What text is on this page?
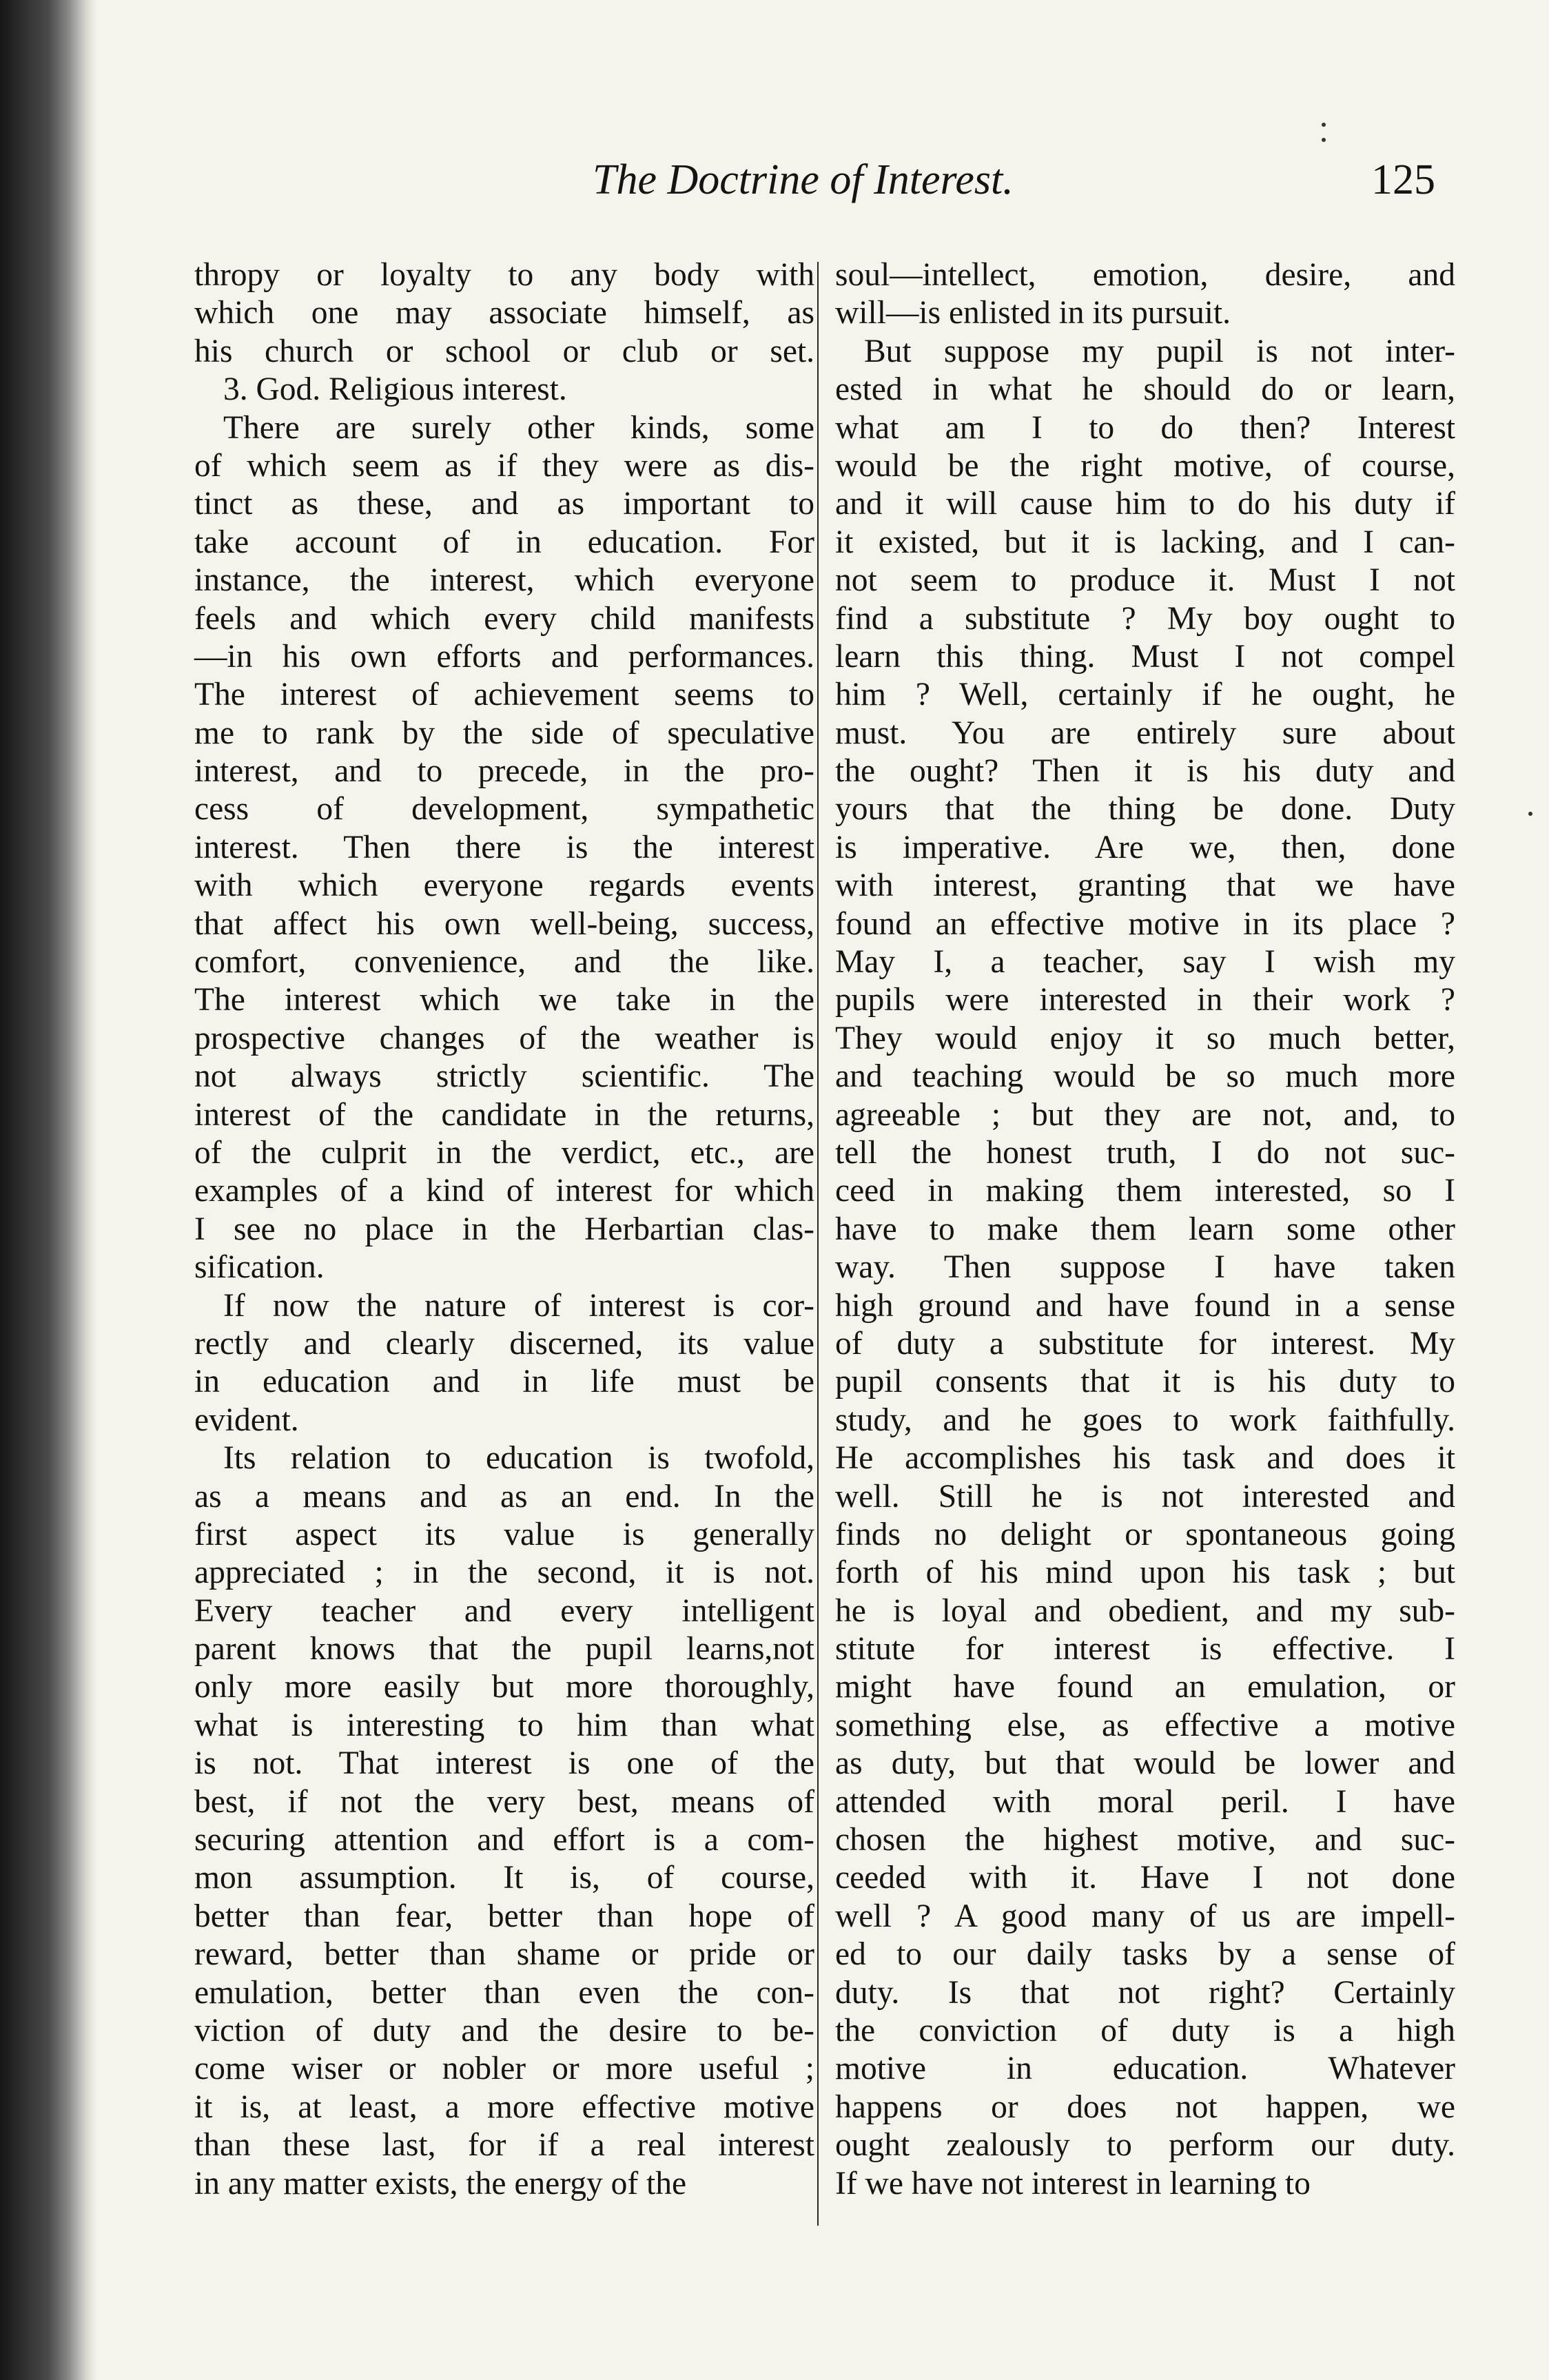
The Doctrine of Interest.	125
thropy or loyalty to any body with
which one may associate himself, as
his church or school or club or set.
3. God. Religious interest.
There are surely other kinds, some
of which seem as if they were as dis-
tinct as these, and as important to
take account of in education. For
instance, the interest, which everyone
feels and which every child manifests
—in his own efforts and performances.
The interest of achievement seems to
me to rank by the side of speculative
interest, and to precede, in the pro-
cess of development, sympathetic
interest. Then there is the interest
with which everyone regards events
that affect his own well-being, success,
comfort, convenience, and the like.
The interest which we take in the
prospective changes of the weather is
not always strictly scientific. The
interest of the candidate in the returns,
of the culprit in the verdict, etc., are
examples of a kind of interest for which
I see no place in the Herbartian clas-
sification.
If now the nature of interest is cor-
rectly and clearly discerned, its value
in education and in life must be
evident.
Its relation to education is twofold,
as a means and as an end. In the
first aspect its value is generally
appreciated ; in the second, it is not.
Every teacher and every intelligent
parent knows that the pupil learns,not
only more easily but more thoroughly,
what is interesting to him than what
is not. That interest is one of the
best, if not the very best, means of
securing attention and effort is a com-
mon assumption. It is, of course,
better than fear, better than hope of
reward, better than shame or pride or
emulation, better than even the con-
viction of duty and the desire to be-
come wiser or nobler or more useful ;
it is, at least, a more effective motive
than these last, for if a real interest
in any matter exists, the energy of the
soul—intellect, emotion, desire, and
will—is enlisted in its pursuit.
But suppose my pupil is not inter-
ested in what he should do or learn,
what am I to do then? Interest
would be the right motive, of course,
and it will cause him to do his duty if
it existed, but it is lacking, and I can-
not seem to produce it. Must I not
find a substitute ? My boy ought to
learn this thing. Must I not compel
him ? Well, certainly if he ought, he
must. You are entirely sure about
the ought? Then it is his duty and
yours that the thing be done. Duty
is imperative. Are we, then, done
with interest, granting that we have
found an effective motive in its place ?
May I, a teacher, say I wish my
pupils were interested in their work ?
They would enjoy it so much better,
and teaching would be so much more
agreeable ; but they are not, and, to
tell the honest truth, I do not suc-
ceed in making them interested, so I
have to make them learn some other
way. Then suppose I have taken
high ground and have found in a sense
of duty a substitute for interest. My
pupil consents that it is his duty to
study, and he goes to work faithfully.
He accomplishes his task and does it
well. Still he is not interested and
finds no delight or spontaneous going
forth of his mind upon his task ; but
he is loyal and obedient, and my sub-
stitute for interest is effective. I
might have found an emulation, or
something else, as effective a motive
as duty, but that would be lower and
attended with moral peril. I have
chosen the highest motive, and suc-
ceeded with it. Have I not done
well ? A good many of us are impell-
ed to our daily tasks by a sense of
duty. Is that not right? Certainly
the conviction of duty is a high
motive in education. Whatever
happens or does not happen, we
ought zealously to perform our duty.
If we have not interest in learning to
